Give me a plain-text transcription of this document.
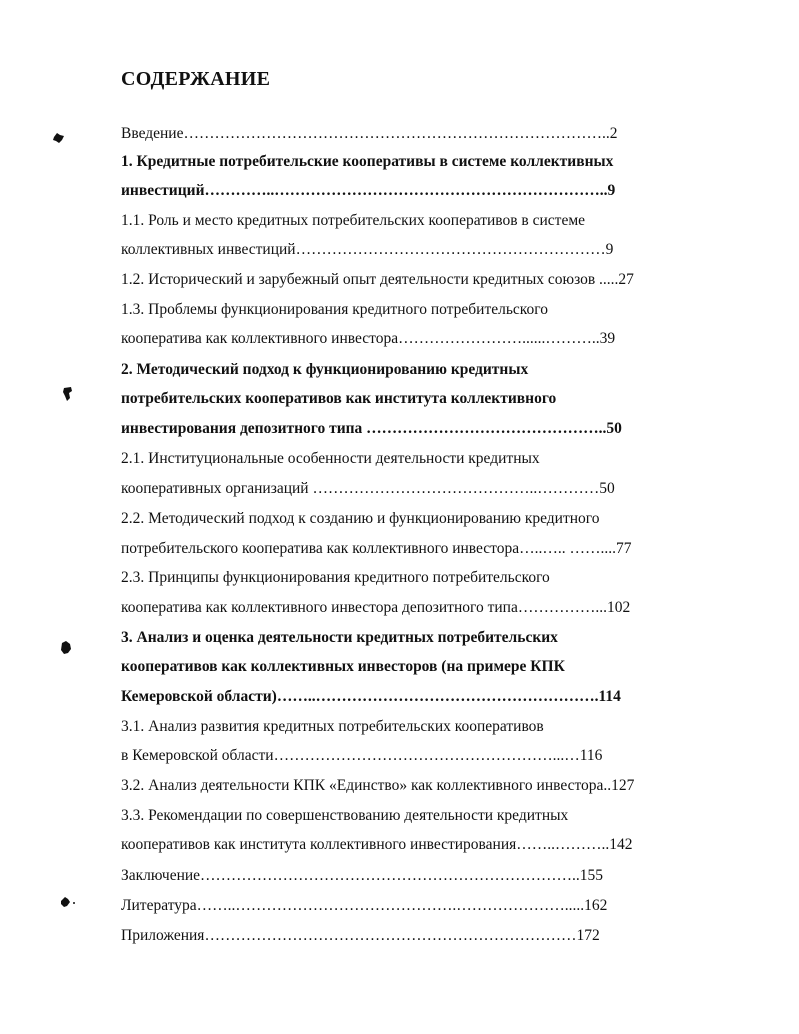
СОДЕРЖАНИЕ
Введение………………………………………………………………………..2
1. Кредитные потребительские кооперативы в системе коллективных
инвестиций…………..………………………………………………………..9
1.1. Роль и место кредитных потребительских кооперативов в системе
коллективных инвестиций……………………………………………………9
1.2. Исторический и зарубежный опыт деятельности кредитных союзов .....27
1.3. Проблемы функционирования кредитного потребительского
кооператива как коллективного инвестора……………………......………..39
2. Методический подход к функционированию кредитных
потребительских кооперативов как института коллективного
инвестирования депозитного типа ………………………………………..50
2.1. Институциональные особенности деятельности кредитных
кооперативных организаций ……………………………………..…………50
2.2. Методический подход к созданию и функционированию кредитного
потребительского кооператива как коллективного инвестора…..….. ……....77
2.3. Принципы функционирования кредитного потребительского
кооператива как коллективного инвестора депозитного типа……………...102
3. Анализ и оценка деятельности кредитных потребительских
кооперативов как коллективных инвесторов (на примере КПК
Кемеровской области)……..……………………………………………….114
3.1. Анализ развития кредитных потребительских кооперативов
в Кемеровской области………………………………………………...…116
3.2. Анализ деятельности КПК «Единство» как коллективного инвестора..127
3.3. Рекомендации по совершенствованию деятельности кредитных
кооперативов как института коллективного инвестирования……..………..142
Заключение………………………………………………………………..155
Литература……..…………………………………….………………….....162
Приложения………………………………………………………………172
